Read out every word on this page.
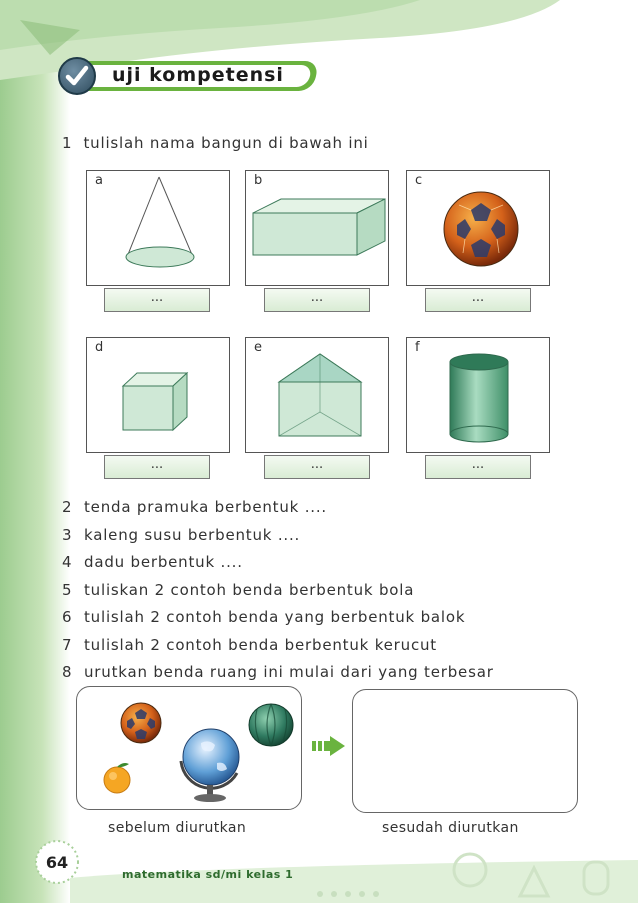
uji kompetensi
1 tulislah nama bangun di bawah ini
a
...
b
...
c
...
d
...
e
...
f
...
2 tenda pramuka berbentuk ....
3 kaleng susu berbentuk ....
4 dadu berbentuk ....
5 tuliskan 2 contoh benda berbentuk bola
6 tulislah 2 contoh benda yang berbentuk balok
7 tulislah 2 contoh benda berbentuk kerucut
8 urutkan benda ruang ini mulai dari yang terbesar
sebelum diurutkan	sesudah diurutkan
64
matematika sd/mi kelas 1
